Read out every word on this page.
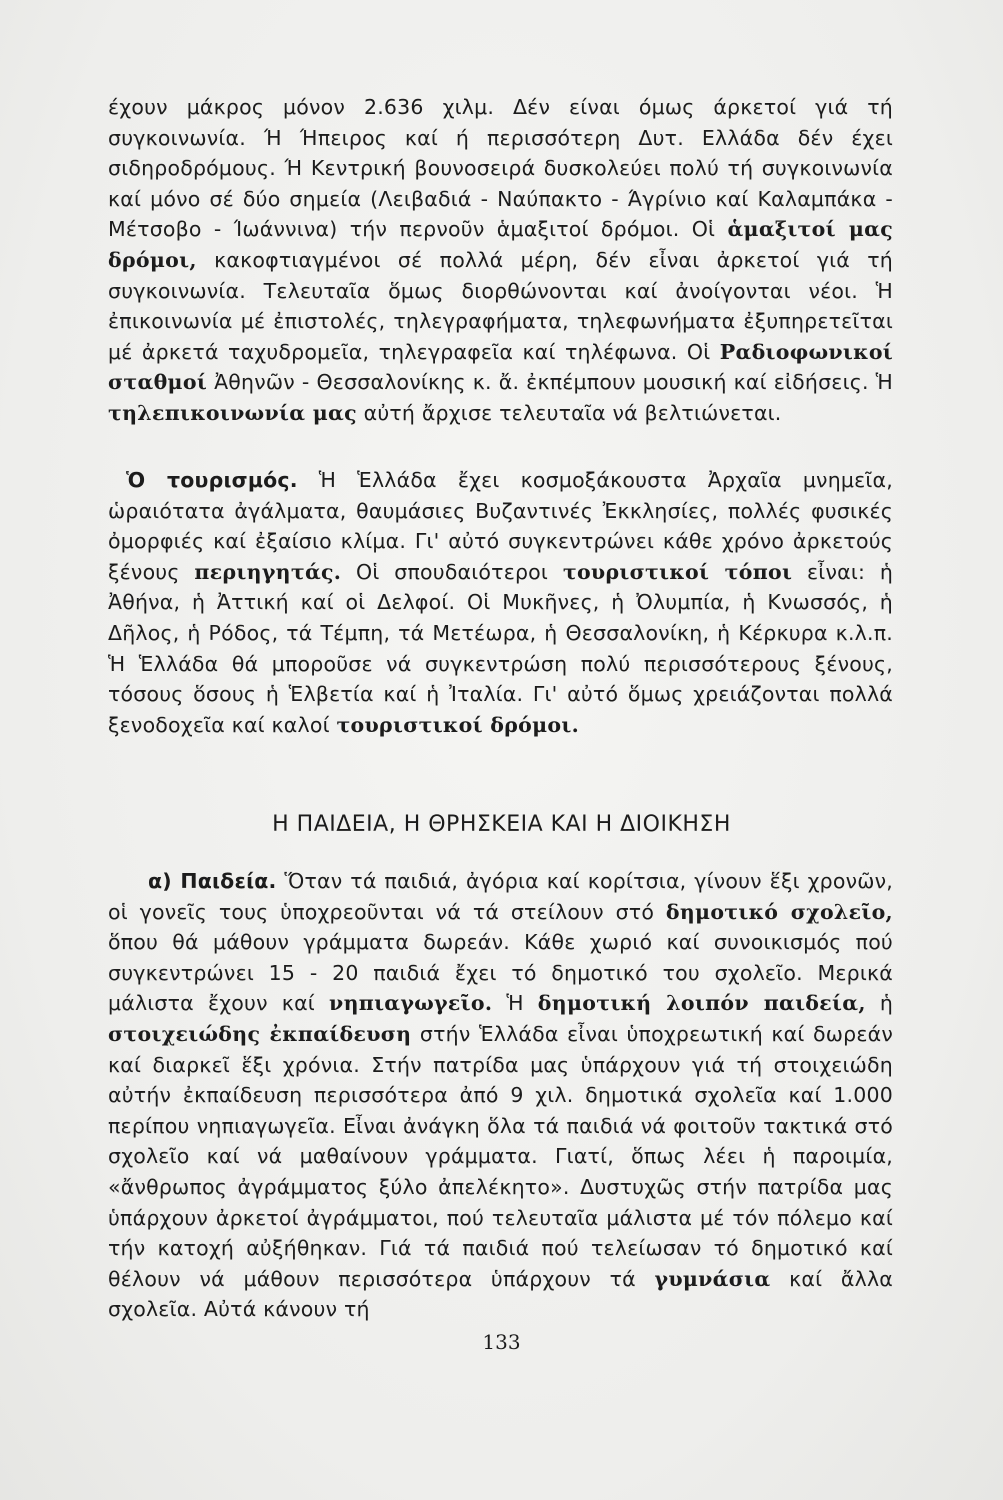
έχουν μάκρος μόνον 2.636 χιλμ. Δέν είναι όμως άρκετοί γιά τή συγκοινωνία. Ή Ήπειρος καί ή περισσότερη Δυτ. Ελλάδα δέν έχει σιδηροδρόμους. Ή Κεντρική βουνοσειρά δυσκολεύει πολύ τή συγκοινωνία καί μόνο σέ δύο σημεία (Λειβαδιά - Ναύπακτο - Άγρίνιο καί Καλαμπάκα - Μέτσοβο - Ίωάννινα) τήν περνοῦν ἁμαξιτοί δρόμοι. Οἱ ἁμαξιτοί μας δρόμοι, κακοφτιαγμένοι σέ πολλά μέρη, δέν εἶναι ἀρκετοί γιά τή συγκοινωνία. Τελευταῖα ὅμως διορθώνονται καί ἀνοίγονται νέοι. Ἡ ἐπικοινωνία μέ ἐπιστολές, τηλεγραφήματα, τηλεφωνήματα ἐξυπηρετεῖται μέ ἀρκετά ταχυδρομεῖα, τηλεγραφεῖα καί τηλέφωνα. Οἱ Ραδιοφωνικοί σταθμοί Ἀθηνῶν - Θεσσαλονίκης κ. ἄ. ἐκπέμπουν μουσική καί εἰδήσεις. Ἡ τηλεπικοινωνία μας αὐτή ἄρχισε τελευταῖα νά βελτιώνεται.

Ὁ τουρισμός. Ἡ Ἑλλάδα ἔχει κοσμοξάκουστα Ἀρχαῖα μνημεῖα, ὡραιότατα ἀγάλματα, θαυμάσιες Βυζαντινές Ἐκκλησίες, πολλές φυσικές ὀμορφιές καί ἐξαίσιο κλίμα. Γι' αὐτό συγκεντρώνει κάθε χρόνο ἀρκετούς ξένους περιηγητάς. Οἱ σπουδαιότεροι τουριστικοί τόποι εἶναι: ἡ Ἀθήνα, ἡ Ἀττική καί οἱ Δελφοί. Οἱ Μυκῆνες, ἡ Ὀλυμπία, ἡ Κνωσσός, ἡ Δῆλος, ἡ Ρόδος, τά Τέμπη, τά Μετέωρα, ἡ Θεσσαλονίκη, ἡ Κέρκυρα κ.λ.π. Ἡ Ἑλλάδα θά μποροῦσε νά συγκεντρώση πολύ περισσότερους ξένους, τόσους ὅσους ἡ Ἑλβετία καί ἡ Ἰταλία. Γι' αὐτό ὅμως χρειάζονται πολλά ξενοδοχεῖα καί καλοί τουριστικοί δρόμοι.

Η ΠΑΙΔΕΙΑ, Η ΘΡΗΣΚΕΙΑ ΚΑΙ Η ΔΙΟΙΚΗΣΗ

α) Παιδεία. Ὅταν τά παιδιά, ἀγόρια καί κορίτσια, γίνουν ἕξι χρονῶν, οἱ γονεῖς τους ὑποχρεοῦνται νά τά στείλουν στό δημοτικό σχολεῖο, ὅπου θά μάθουν γράμματα δωρεάν. Κάθε χωριό καί συνοικισμός πού συγκεντρώνει 15 - 20 παιδιά ἔχει τό δημοτικό του σχολεῖο. Μερικά μάλιστα ἔχουν καί νηπιαγωγεῖο. Ἡ δημοτική λοιπόν παιδεία, ἡ στοιχειώδης ἐκπαίδευση στήν Ἑλλάδα εἶναι ὑποχρεωτική καί δωρεάν καί διαρκεῖ ἕξι χρόνια. Στήν πατρίδα μας ὑπάρχουν γιά τή στοιχειώδη αὐτήν ἐκπαίδευση περισσότερα ἀπό 9 χιλ. δημοτικά σχολεῖα καί 1.000 περίπου νηπιαγωγεῖα. Εἶναι ἀνάγκη ὅλα τά παιδιά νά φοιτοῦν τακτικά στό σχολεῖο καί νά μαθαίνουν γράμματα. Γιατί, ὅπως λέει ἡ παροιμία, «ἄνθρωπος ἀγράμματος ξύλο ἀπελέκητο». Δυστυχῶς στήν πατρίδα μας ὑπάρχουν ἀρκετοί ἀγράμματοι, πού τελευταῖα μάλιστα μέ τόν πόλεμο καί τήν κατοχή αὐξήθηκαν. Γιά τά παιδιά πού τελείωσαν τό δημοτικό καί θέλουν νά μάθουν περισσότερα ὑπάρχουν τά γυμνάσια καί ἄλλα σχολεῖα. Αὐτά κάνουν τή

133
